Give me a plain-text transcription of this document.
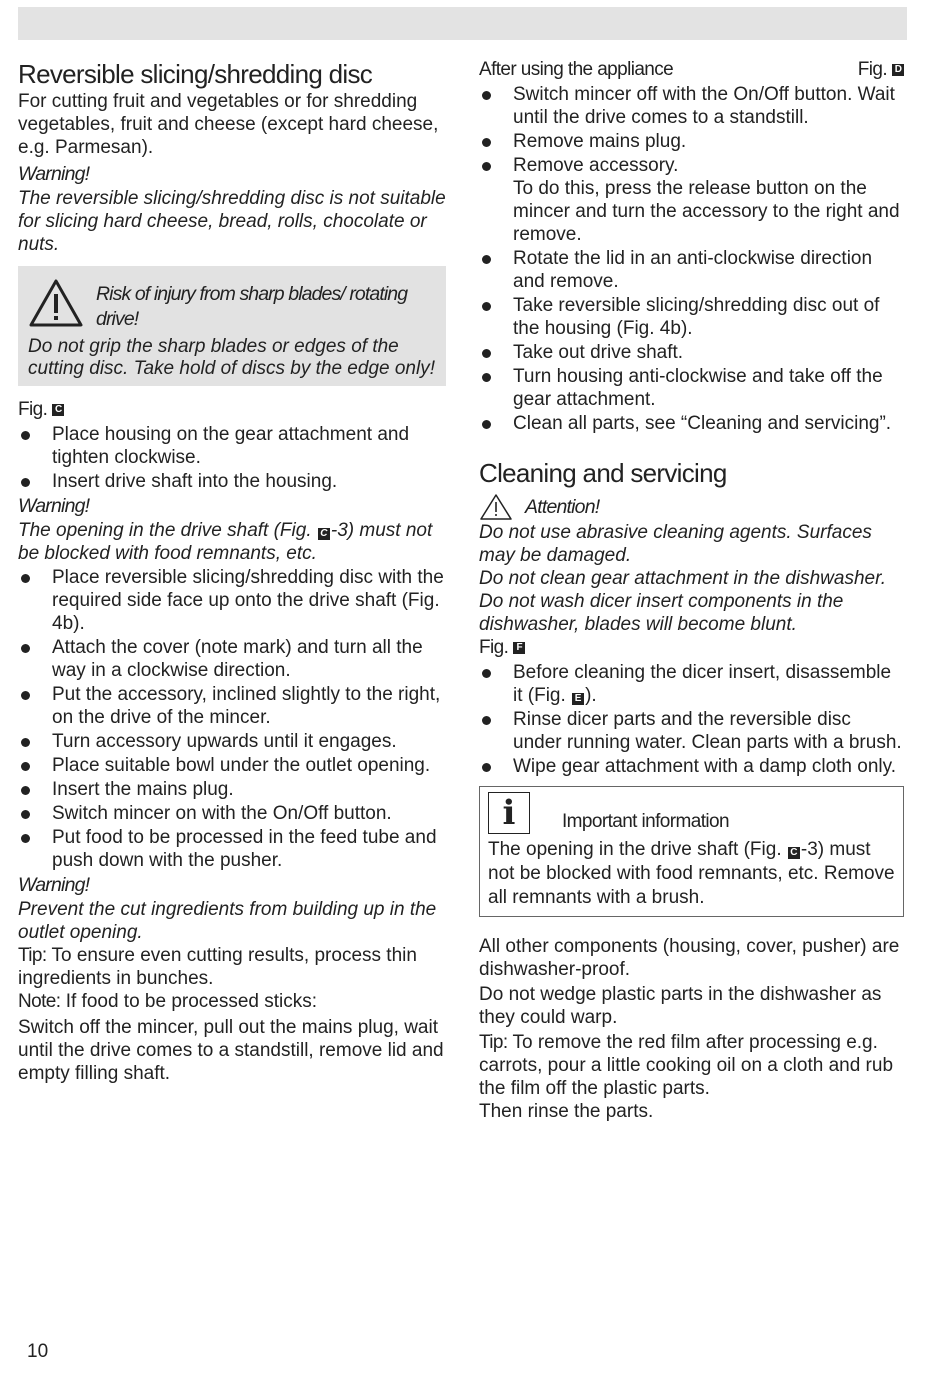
Reversible slicing/shredding disc

For cutting fruit and vegetables or for shredding vegetables, fruit and cheese (except hard cheese, e.g. Parmesan).

Warning!

The reversible slicing/shredding disc is not suitable for slicing hard cheese, bread, rolls, chocolate or nuts.

Risk of injury from sharp blades/ rotating drive!

Do not grip the sharp blades or edges of the cutting disc. Take hold of discs by the edge only!

Fig. C

Place housing on the gear attachment and tighten clockwise.
Insert drive shaft into the housing.

Warning!

The opening in the drive shaft (Fig. C -3) must not be blocked with food remnants, etc.

Place reversible slicing/shredding disc with the required side face up onto the drive shaft (Fig. 4b).
Attach the cover (note mark) and turn all the way in a clockwise direction.
Put the accessory, inclined slightly to the right, on the drive of the mincer.
Turn accessory upwards until it engages.
Place suitable bowl under the outlet opening.
Insert the mains plug.
Switch mincer on with the On/Off button.
Put food to be processed in the feed tube and push down with the pusher.

Warning!

Prevent the cut ingredients from building up in the outlet opening.

Tip: To ensure even cutting results, process thin ingredients in bunches.

Note: If food to be processed sticks:

Switch off the mincer, pull out the mains plug, wait until the drive comes to a standstill, remove lid and empty filling shaft.

After using the appliance	Fig. D
Switch mincer off with the On/Off button. Wait until the drive comes to a standstill.
Remove mains plug.
Remove accessory.
To do this, press the release button on the mincer and turn the accessory to the right and remove.
Rotate the lid in an anti-clockwise direction and remove.
Take reversible slicing/shredding disc out of the housing (Fig. 4b).
Take out drive shaft.
Turn housing anti-clockwise and take off the gear attachment.
Clean all parts, see “Cleaning and servicing”.
Cleaning and servicing

Attention!

Do not use abrasive cleaning agents. Surfaces may be damaged.
Do not clean gear attachment in the dishwasher. Do not wash dicer insert components in the dishwasher, blades will become blunt.

Fig. F

Before cleaning the dicer insert, disassemble it (Fig. E ).
Rinse dicer parts and the reversible disc under running water. Clean parts with a brush.
Wipe gear attachment with a damp cloth only.
i	Important information

The opening in the drive shaft (Fig. C -3) must not be blocked with food remnants, etc. Remove all remnants with a brush.

All other components (housing, cover, pusher) are dishwasher-proof.

Do not wedge plastic parts in the dishwasher as they could warp.

Tip: To remove the red film after processing e.g. carrots, pour a little cooking oil on a cloth and rub the film off the plastic parts.

Then rinse the parts.

10
